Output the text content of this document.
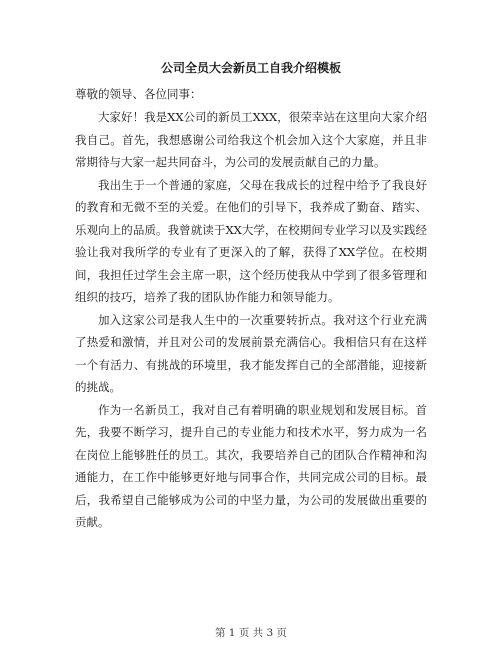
公司全员大会新员工自我介绍模板
尊敬的领导、各位同事：

大家好！我是XX公司的新员工XXX，很荣幸站在这里向大家介绍我自己。首先，我想感谢公司给我这个机会加入这个大家庭，并且非常期待与大家一起共同奋斗，为公司的发展贡献自己的力量。

我出生于一个普通的家庭，父母在我成长的过程中给予了我良好的教育和无微不至的关爱。在他们的引导下，我养成了勤奋、踏实、乐观向上的品质。我曾就读于XX大学，在校期间专业学习以及实践经验让我对我所学的专业有了更深入的了解，获得了XX学位。在校期间，我担任过学生会主席一职，这个经历使我从中学到了很多管理和组织的技巧，培养了我的团队协作能力和领导能力。

加入这家公司是我人生中的一次重要转折点。我对这个行业充满了热爱和激情，并且对公司的发展前景充满信心。我相信只有在这样一个有活力、有挑战的环境里，我才能发挥自己的全部潜能，迎接新的挑战。

作为一名新员工，我对自己有着明确的职业规划和发展目标。首先，我要不断学习，提升自己的专业能力和技术水平，努力成为一名在岗位上能够胜任的员工。其次，我要培养自己的团队合作精神和沟通能力，在工作中能够更好地与同事合作，共同完成公司的目标。最后，我希望自己能够成为公司的中坚力量，为公司的发展做出重要的贡献。

第 1 页 共 3 页
